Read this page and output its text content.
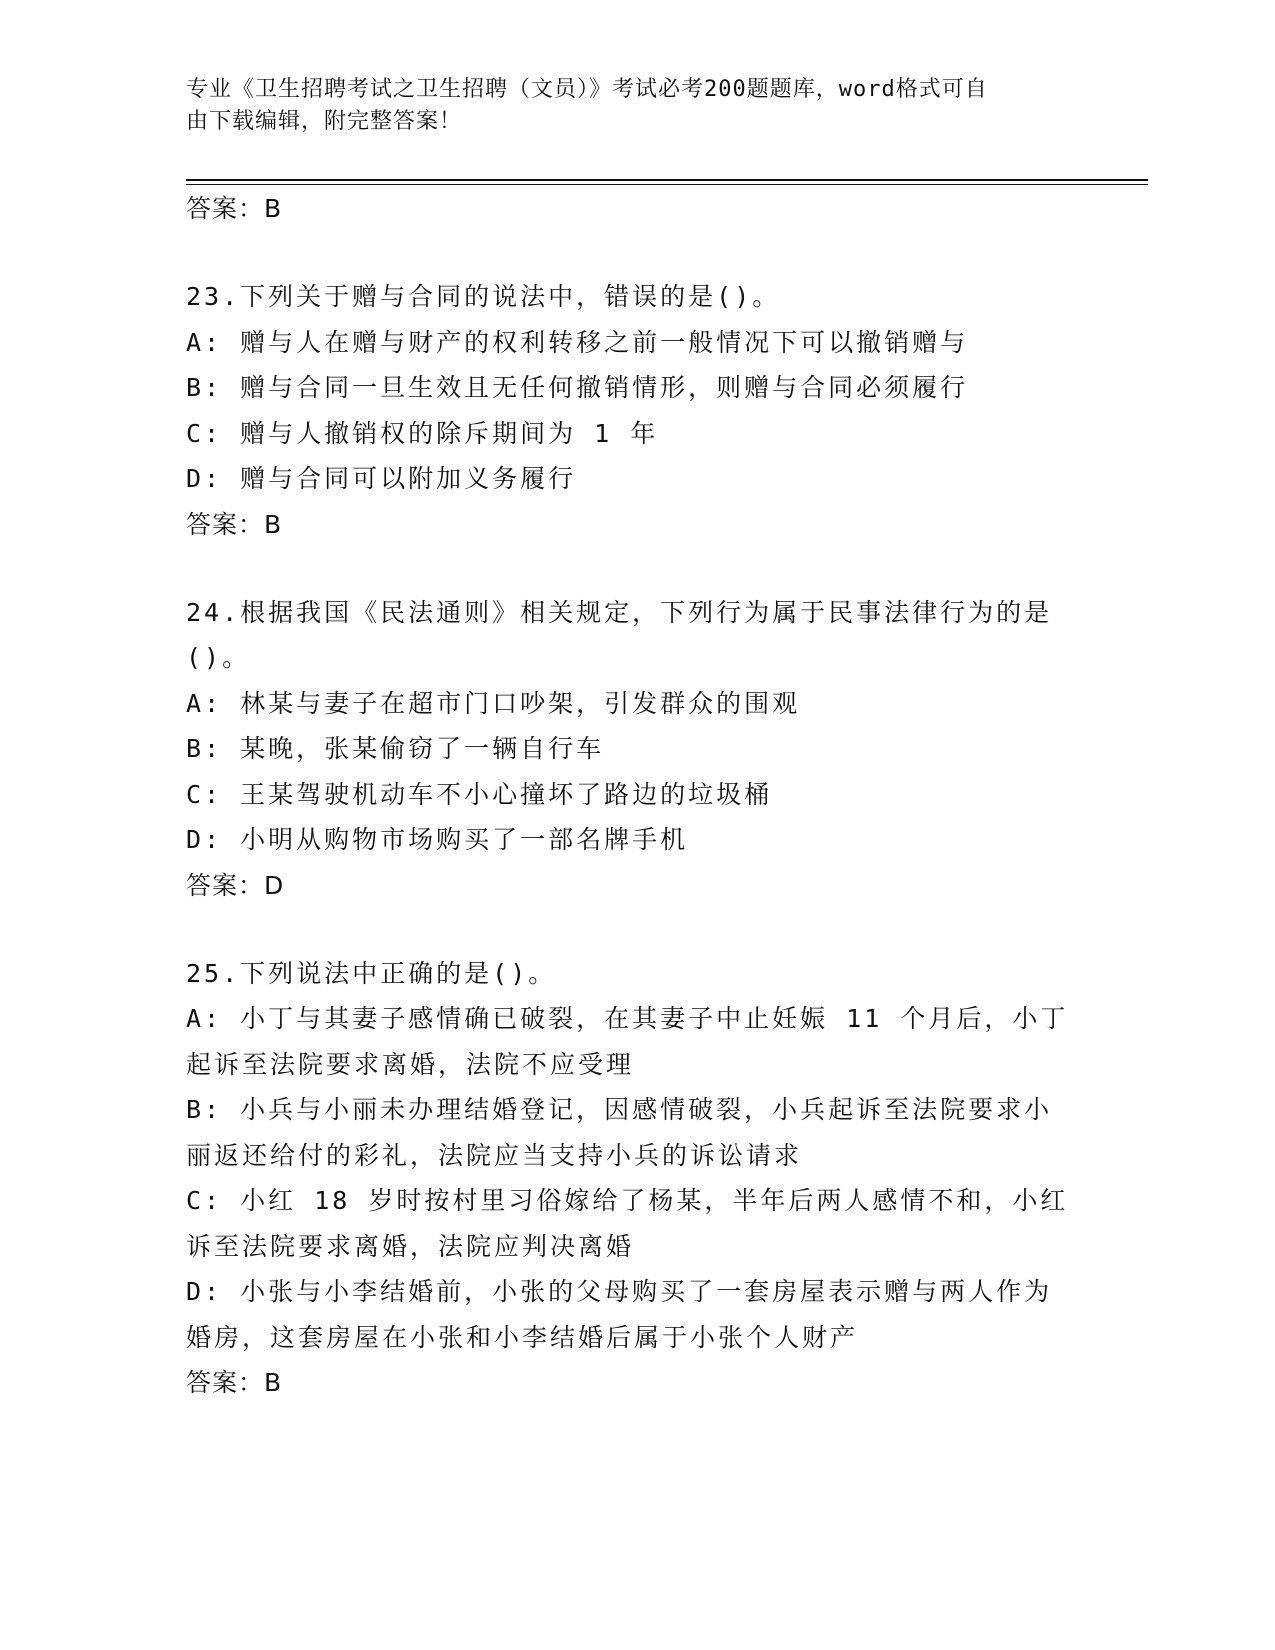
专业《卫生招聘考试之卫生招聘（文员）》考试必考200题题库，word格式可自
由下载编辑，附完整答案！

答案：B

23.下列关于赠与合同的说法中，错误的是()。

A: 赠与人在赠与财产的权利转移之前一般情况下可以撤销赠与

B: 赠与合同一旦生效且无任何撤销情形，则赠与合同必须履行

C: 赠与人撤销权的除斥期间为 1 年

D: 赠与合同可以附加义务履行

答案：B

24.根据我国《民法通则》相关规定，下列行为属于民事法律行为的是

()。

A: 林某与妻子在超市门口吵架，引发群众的围观

B: 某晚，张某偷窃了一辆自行车

C: 王某驾驶机动车不小心撞坏了路边的垃圾桶

D: 小明从购物市场购买了一部名牌手机

答案：D

25.下列说法中正确的是()。

A: 小丁与其妻子感情确已破裂，在其妻子中止妊娠 11 个月后，小丁

起诉至法院要求离婚，法院不应受理

B: 小兵与小丽未办理结婚登记，因感情破裂，小兵起诉至法院要求小

丽返还给付的彩礼，法院应当支持小兵的诉讼请求

C: 小红 18 岁时按村里习俗嫁给了杨某，半年后两人感情不和，小红

诉至法院要求离婚，法院应判决离婚

D: 小张与小李结婚前，小张的父母购买了一套房屋表示赠与两人作为

婚房，这套房屋在小张和小李结婚后属于小张个人财产

答案：B
